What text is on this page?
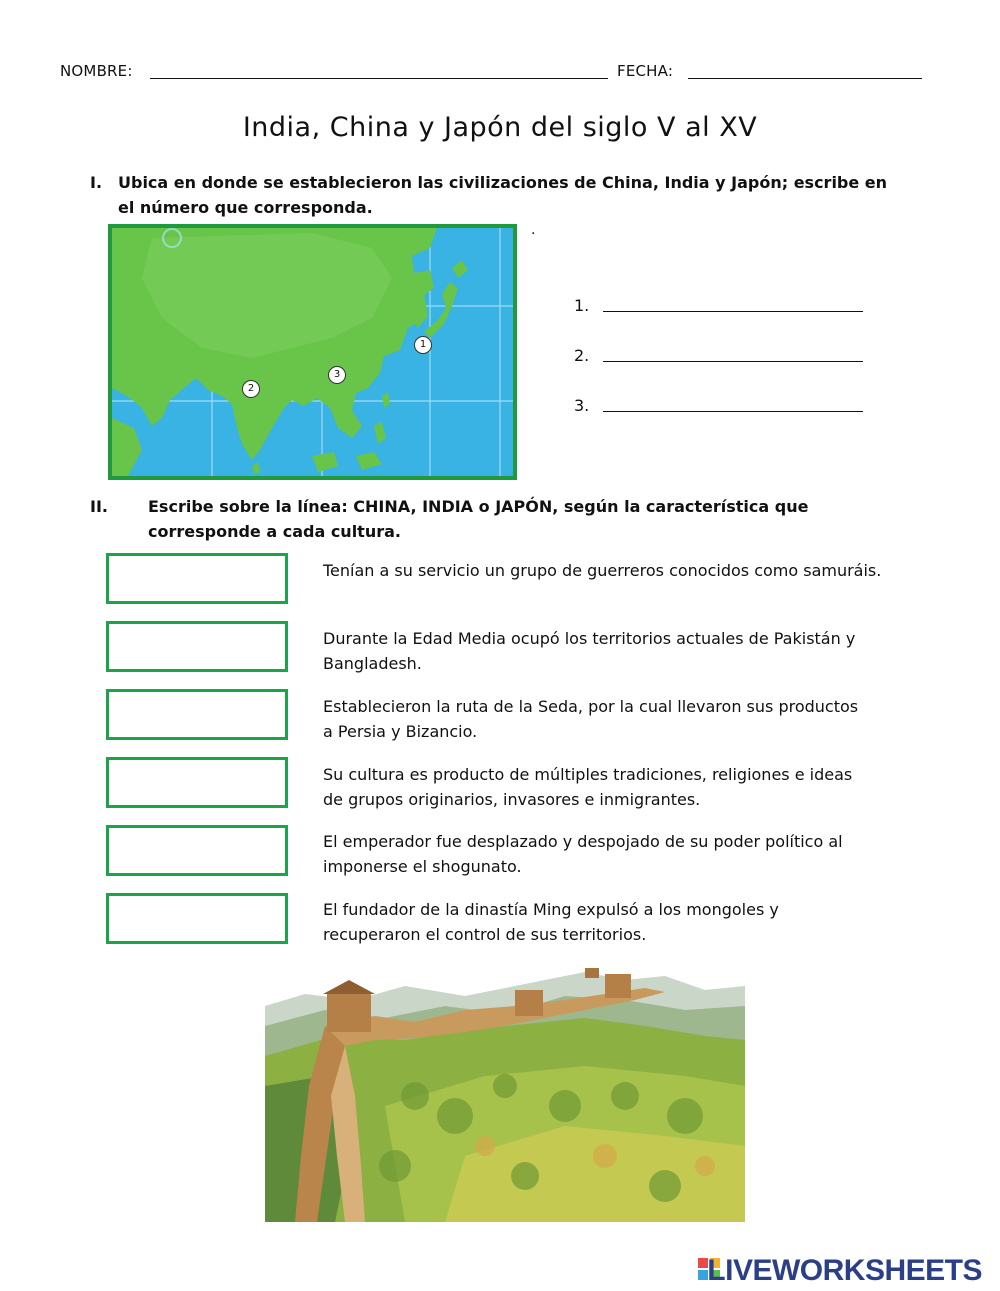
NOMBRE:	FECHA:
India, China y Japón del siglo V al XV
I. Ubica en donde se establecieron las civilizaciones de China, India y Japón; escribe en
el número que corresponda.
.
1
2
3
1.
2.
3.
II.	Escribe sobre la línea: CHINA, INDIA o JAPÓN, según la característica que
corresponde a cada cultura.
Tenían a su servicio un grupo de guerreros conocidos como samuráis.
Durante la Edad Media ocupó los territorios actuales de Pakistán y
Bangladesh.
Establecieron la ruta de la Seda, por la cual llevaron sus productos
a Persia y Bizancio.
Su cultura es producto de múltiples tradiciones, religiones e ideas
de grupos originarios, invasores e inmigrantes.
El emperador fue desplazado y despojado de su poder político al
imponerse el shogunato.
El fundador de la dinastía Ming expulsó a los mongoles y
recuperaron el control de sus territorios.
LIVEWORKSHEETS
